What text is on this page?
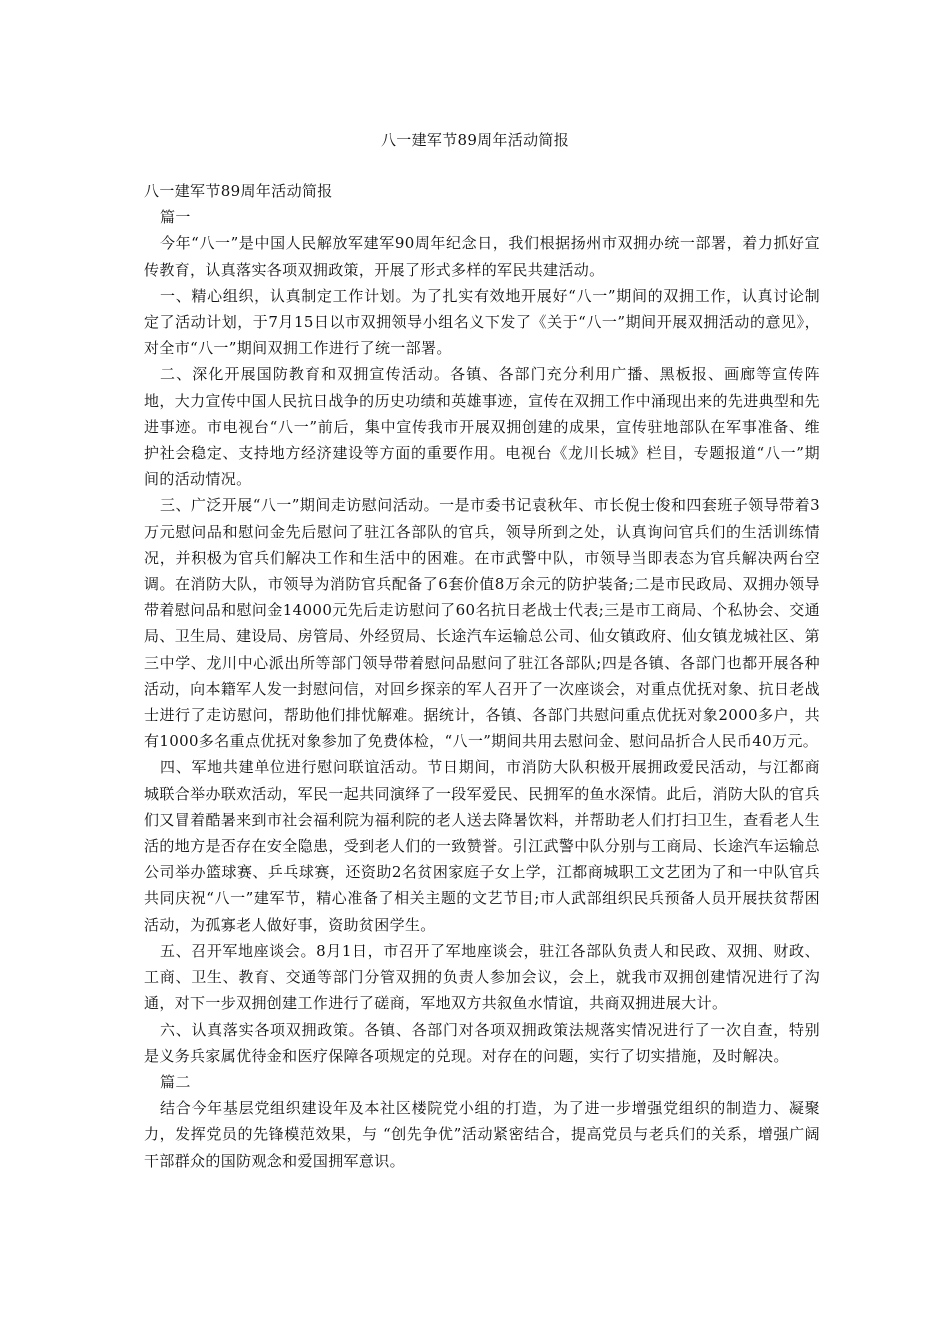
八一建军节89周年活动简报

八一建军节89周年活动简报

篇一

今年“八一”是中国人民解放军建军90周年纪念日，我们根据扬州市双拥办统一部署，着力抓好宣传教育，认真落实各项双拥政策，开展了形式多样的军民共建活动。

一、精心组织，认真制定工作计划。为了扎实有效地开展好“八一”期间的双拥工作，认真讨论制定了活动计划，于7月15日以市双拥领导小组名义下发了《关于“八一”期间开展双拥活动的意见》，对全市“八一”期间双拥工作进行了统一部署。

二、深化开展国防教育和双拥宣传活动。各镇、各部门充分利用广播、黑板报、画廊等宣传阵地，大力宣传中国人民抗日战争的历史功绩和英雄事迹，宣传在双拥工作中涌现出来的先进典型和先进事迹。市电视台“八一”前后，集中宣传我市开展双拥创建的成果，宣传驻地部队在军事准备、维护社会稳定、支持地方经济建设等方面的重要作用。电视台《龙川长城》栏目，专题报道“八一”期间的活动情况。

三、广泛开展“八一”期间走访慰问活动。一是市委书记袁秋年、市长倪士俊和四套班子领导带着3万元慰问品和慰问金先后慰问了驻江各部队的官兵，领导所到之处，认真询问官兵们的生活训练情况，并积极为官兵们解决工作和生活中的困难。在市武警中队，市领导当即表态为官兵解决两台空调。在消防大队，市领导为消防官兵配备了6套价值8万余元的防护装备;二是市民政局、双拥办领导带着慰问品和慰问金14000元先后走访慰问了60名抗日老战士代表;三是市工商局、个私协会、交通局、卫生局、建设局、房管局、外经贸局、长途汽车运输总公司、仙女镇政府、仙女镇龙城社区、第三中学、龙川中心派出所等部门领导带着慰问品慰问了驻江各部队;四是各镇、各部门也都开展各种活动，向本籍军人发一封慰问信，对回乡探亲的军人召开了一次座谈会，对重点优抚对象、抗日老战士进行了走访慰问，帮助他们排忧解难。据统计，各镇、各部门共慰问重点优抚对象2000多户，共有1000多名重点优抚对象参加了免费体检，“八一”期间共用去慰问金、慰问品折合人民币40万元。

四、军地共建单位进行慰问联谊活动。节日期间，市消防大队积极开展拥政爱民活动，与江都商城联合举办联欢活动，军民一起共同演绎了一段军爱民、民拥军的鱼水深情。此后，消防大队的官兵们又冒着酷暑来到市社会福利院为福利院的老人送去降暑饮料，并帮助老人们打扫卫生，查看老人生活的地方是否存在安全隐患，受到老人们的一致赞誉。引江武警中队分别与工商局、长途汽车运输总公司举办篮球赛、乒乓球赛，还资助2名贫困家庭子女上学，江都商城职工文艺团为了和一中队官兵共同庆祝“八一”建军节，精心准备了相关主题的文艺节目;市人武部组织民兵预备人员开展扶贫帮困活动，为孤寡老人做好事，资助贫困学生。

五、召开军地座谈会。8月1日，市召开了军地座谈会，驻江各部队负责人和民政、双拥、财政、工商、卫生、教育、交通等部门分管双拥的负责人参加会议，会上，就我市双拥创建情况进行了沟通，对下一步双拥创建工作进行了磋商，军地双方共叙鱼水情谊，共商双拥进展大计。

六、认真落实各项双拥政策。各镇、各部门对各项双拥政策法规落实情况进行了一次自查，特别是义务兵家属优待金和医疗保障各项规定的兑现。对存在的问题，实行了切实措施，及时解决。

篇二

结合今年基层党组织建设年及本社区楼院党小组的打造，为了进一步增强党组织的制造力、凝聚力，发挥党员的先锋模范效果，与 “创先争优”活动紧密结合，提高党员与老兵们的关系，增强广阔干部群众的国防观念和爱国拥军意识。
